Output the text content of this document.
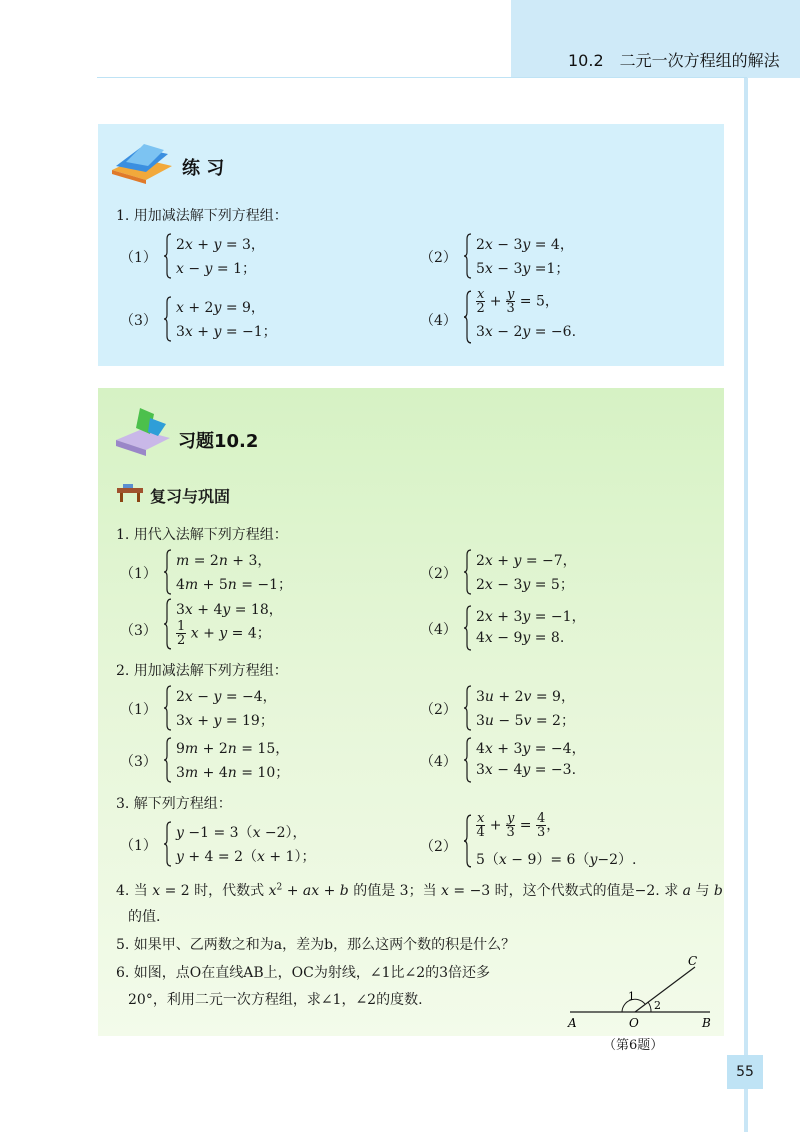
10.2　二元一次方程组的解法
练 习
1. 用加减法解下列方程组：
（1）
2x + y = 3，
x − y = 1；
（2）
2x − 3y = 4，
5x − 3y =1；
（3）
x + 2y = 9，
3x + y = −1；
（4）
$\frac{x}{2} + \frac{y}{3} = 5$，
3x − 2y = −6.
习题10.2
复习与巩固
1. 用代入法解下列方程组：
（1）
m = 2n + 3，
4m + 5n = −1；
（2）
2x + y = −7，
2x − 3y = 5；
（3）
3x + 4y = 18，
$\frac{1}{2}$ x + y = 4；	（4）
2x + 3y = −1，
4x − 9y = 8.
2. 用加减法解下列方程组：
（1）
2x − y = −4，
3x + y = 19；
（2）
3u + 2v = 9，
3u − 5v = 2；
（3）
9m + 2n = 15，
3m + 4n = 10；
（4）
4x + 3y = −4，
3x − 4y = −3.
3. 解下列方程组：
（1）
y −1 = 3（x −2），
y + 4 = 2（x + 1）；
（2）
$\frac{x}{4} + \frac{y}{3} = \frac{4}{3}$ ，
5（x − 9）= 6（y−2）.
4. 当 x = 2 时，代数式 $x^2$ + ax + b 的值是 3；当 x = −3 时，这个代数式的值是−2. 求 a 与 b
的值.
5. 如果甲、乙两数之和为a，差为b，那么这两个数的积是什么？
6. 如图，点O在直线AB上，OC为射线，∠1比∠2的3倍还多
20°，利用二元一次方程组，求∠1，∠2的度数.
A	O	B
C
1
2
（第6题）
55
